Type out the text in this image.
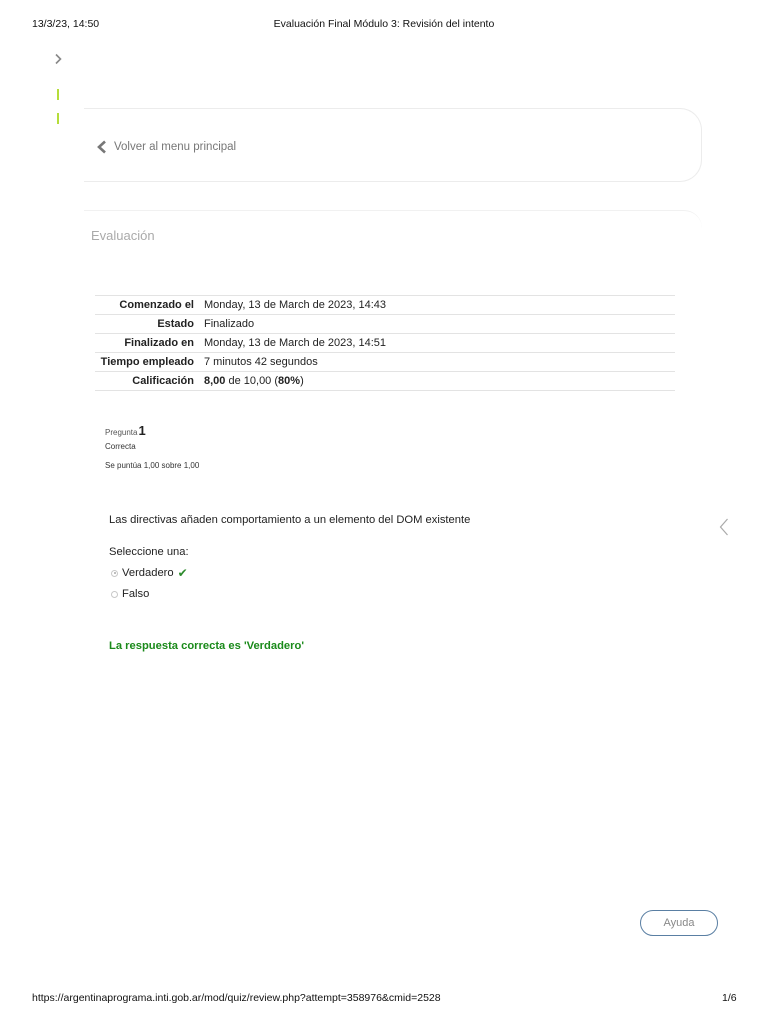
13/3/23, 14:50	Evaluación Final Módulo 3: Revisión del intento
Volver al menu principal
Evaluación
Comenzado el	Monday, 13 de March de 2023, 14:43
Estado	Finalizado
Finalizado en	Monday, 13 de March de 2023, 14:51
Tiempo empleado	7 minutos 42 segundos
Calificación	8,00 de 10,00 (80%)
Pregunta1
Correcta
Se puntúa 1,00 sobre 1,00
Las directivas añaden comportamiento a un elemento del DOM existente
Seleccione una:
Verdadero ✔
Falso
La respuesta correcta es 'Verdadero'
Ayuda
https://argentinaprograma.inti.gob.ar/mod/quiz/review.php?attempt=358976&cmid=2528	1/6
